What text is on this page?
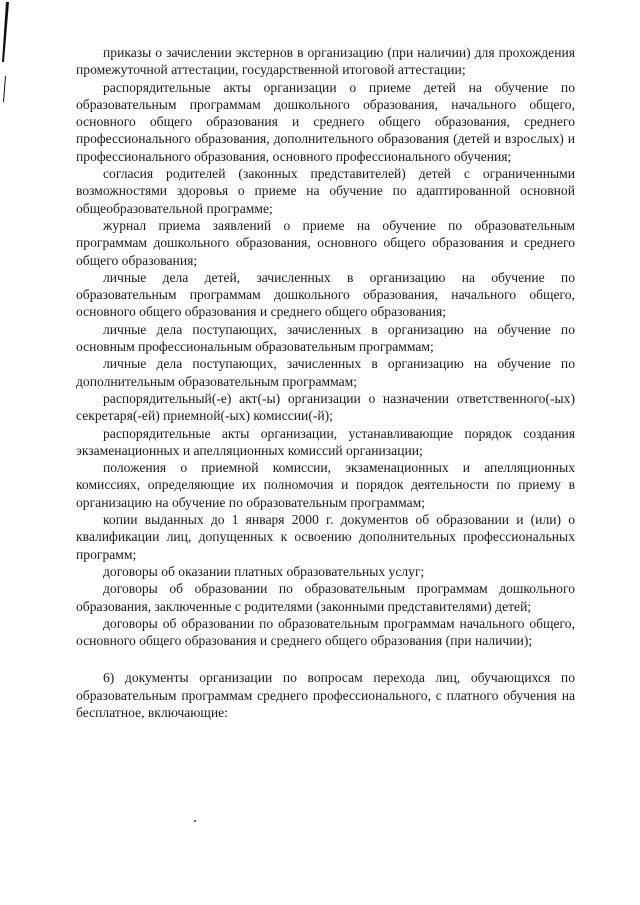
приказы о зачислении экстернов в организацию (при наличии) для прохождения промежуточной аттестации, государственной итоговой аттестации;

распорядительные акты организации о приеме детей на обучение по образовательным программам дошкольного образования, начального общего, основного общего образования и среднего общего образования, среднего профессионального образования, дополнительного образования (детей и взрослых) и профессионального образования, основного профессионального обучения;

согласия родителей (законных представителей) детей с ограниченными возможностями здоровья о приеме на обучение по адаптированной основной общеобразовательной программе;

журнал приема заявлений о приеме на обучение по образовательным программам дошкольного образования, основного общего образования и среднего общего образования;

личные дела детей, зачисленных в организацию на обучение по образовательным программам дошкольного образования, начального общего, основного общего образования и среднего общего образования;

личные дела поступающих, зачисленных в организацию на обучение по основным профессиональным образовательным программам;

личные дела поступающих, зачисленных в организацию на обучение по дополнительным образовательным программам;

распорядительный(-е) акт(-ы) организации о назначении ответственного(-ых) секретаря(-ей) приемной(-ых) комиссии(-й);

распорядительные акты организации, устанавливающие порядок создания экзаменационных и апелляционных комиссий организации;

положения о приемной комиссии, экзаменационных и апелляционных комиссиях, определяющие их полномочия и порядок деятельности по приему в организацию на обучение по образовательным программам;

копии выданных до 1 января 2000 г. документов об образовании и (или) о квалификации лиц, допущенных к освоению дополнительных профессиональных программ;

договоры об оказании платных образовательных услуг;

договоры об образовании по образовательным программам дошкольного образования, заключенные с родителями (законными представителями) детей;

договоры об образовании по образовательным программам начального общего, основного общего образования и среднего общего образования (при наличии);

6) документы организации по вопросам перехода лиц, обучающихся по образовательным программам среднего профессионального, с платного обучения на бесплатное, включающие:
